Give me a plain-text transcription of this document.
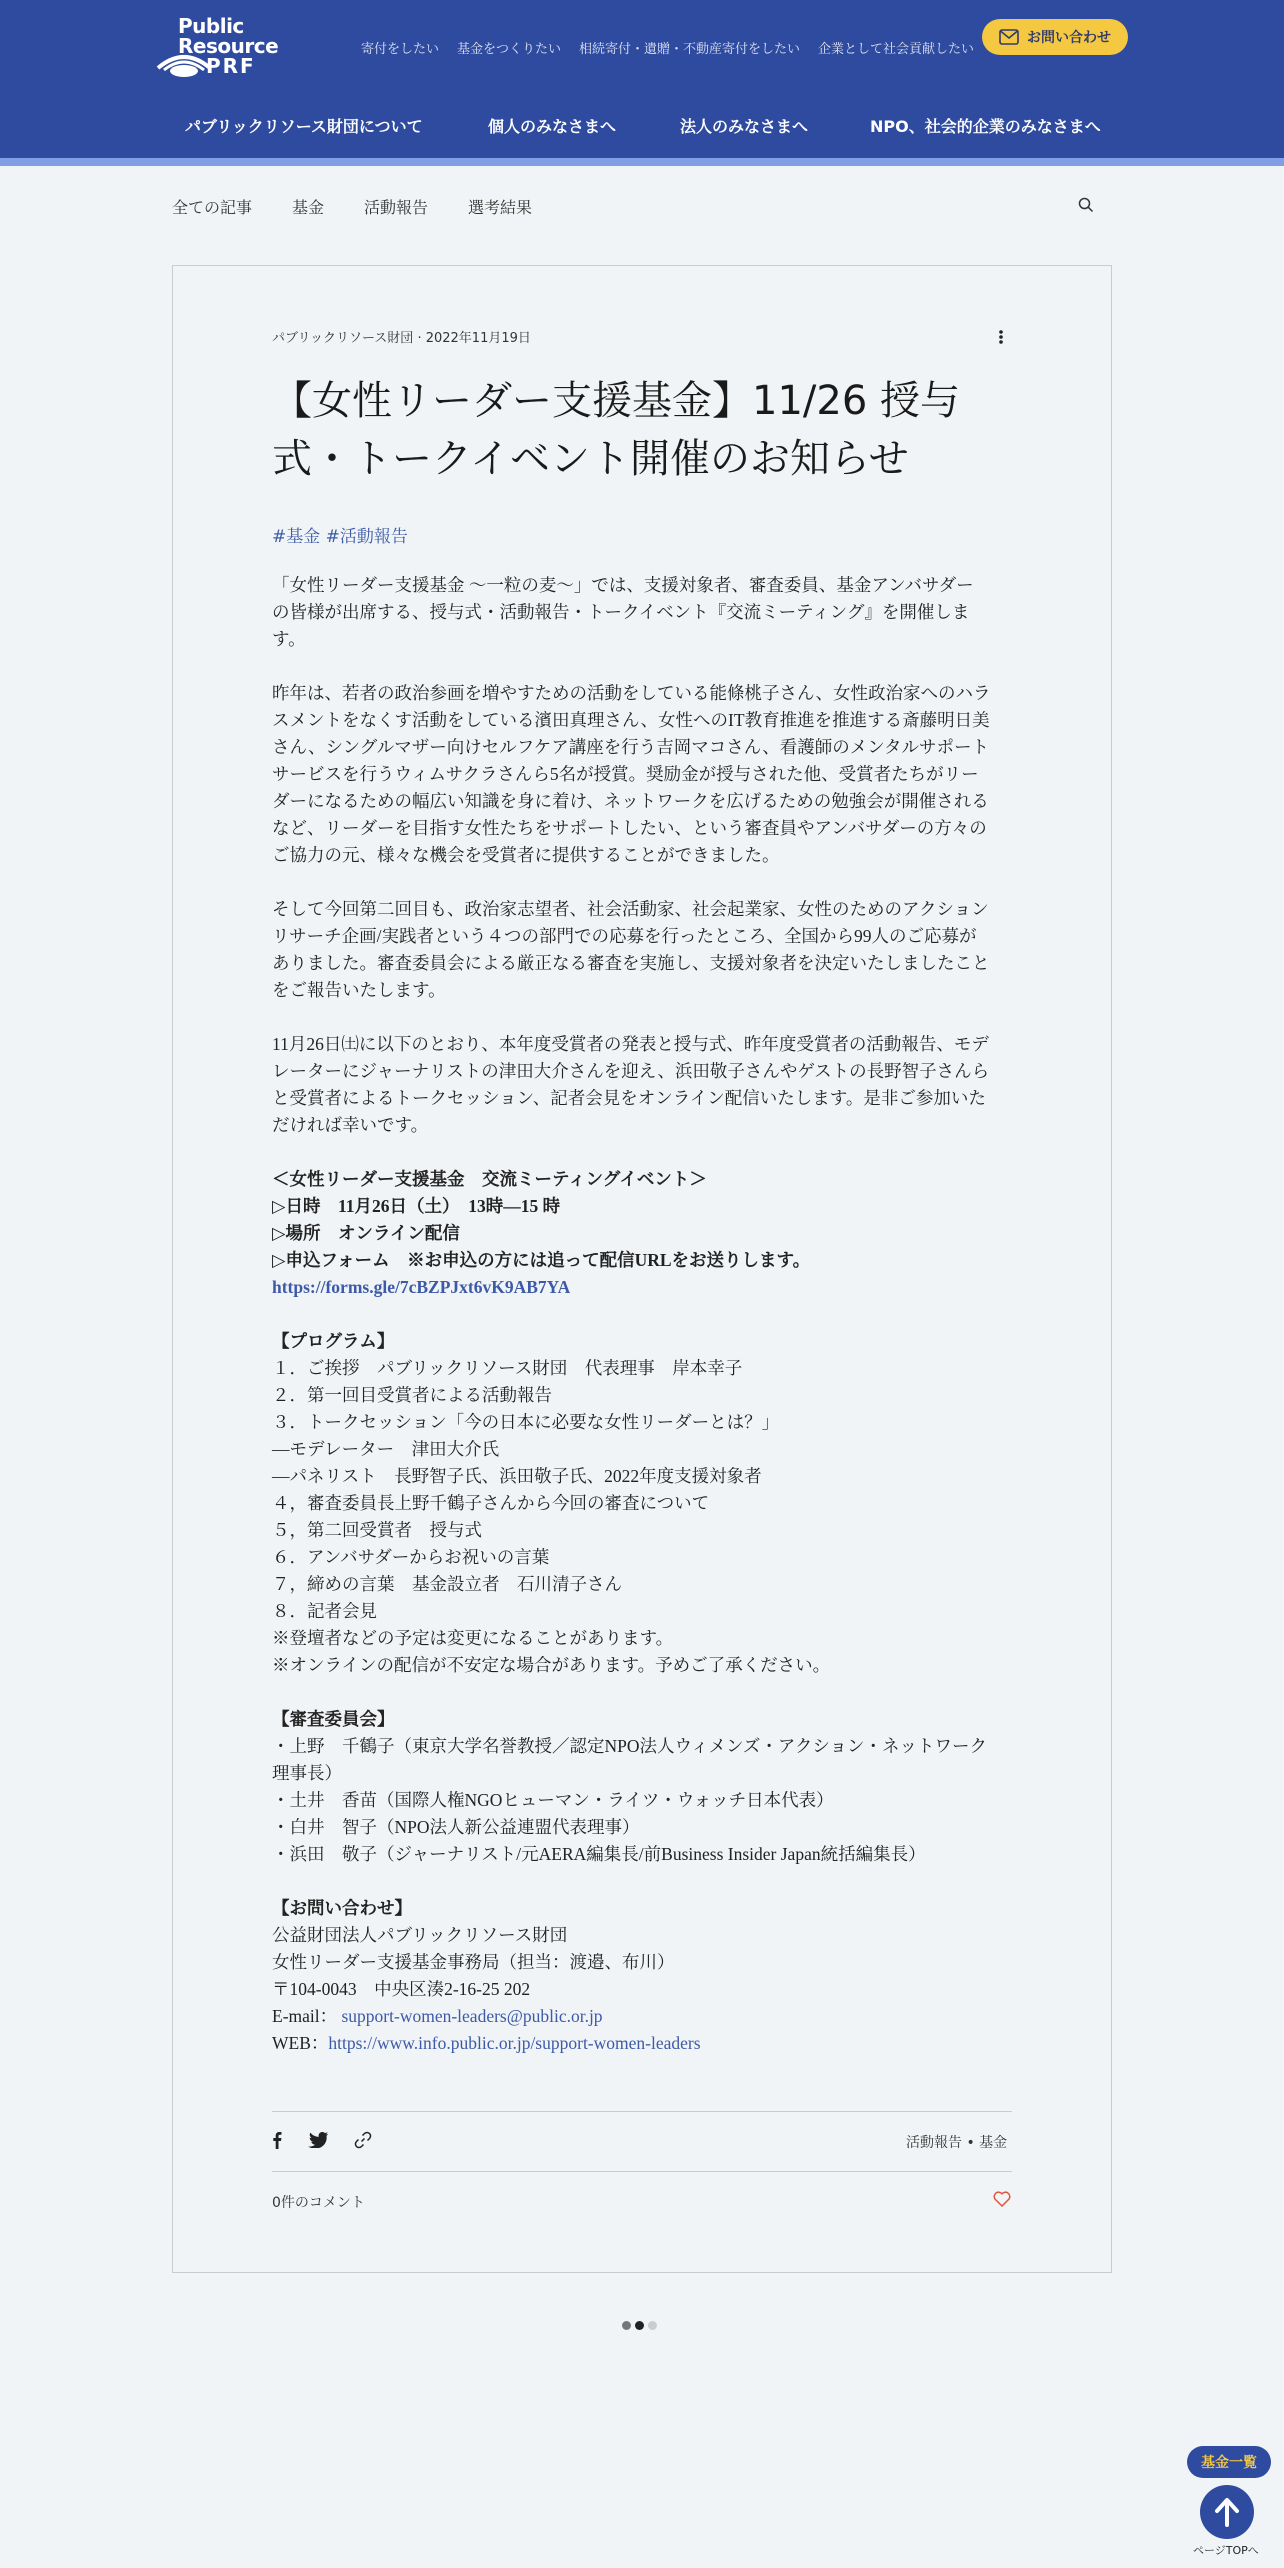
Public
Resource
PRF
寄付をしたい 基金をつくりたい 相続寄付・遺贈・不動産寄付をしたい 企業として社会貢献したい
お問い合わせ
パブリックリソース財団について	個人のみなさまへ	法人のみなさまへ	NPO、社会的企業のみなさまへ
全ての記事	基金	活動報告	選考結果
パブリックリソース財団 · 2022年11月19日
【女性リーダー支援基金】11/26 授与
式・トークイベント開催のお知らせ
#基金 #活動報告

「女性リーダー支援基金 ～一粒の麦～」では、支援対象者、審査委員、基金アンバサダー
の皆様が出席する、授与式・活動報告・トークイベント『交流ミーティング』を開催しま
す。

昨年は、若者の政治参画を増やすための活動をしている能條桃子さん、女性政治家へのハラ
スメントをなくす活動をしている濱田真理さん、女性へのIT教育推進を推進する斎藤明日美
さん、シングルマザー向けセルフケア講座を行う吉岡マコさん、看護師のメンタルサポート
サービスを行うウィムサクラさんら5名が授賞。奨励金が授与された他、受賞者たちがリー
ダーになるための幅広い知識を身に着け、ネットワークを広げるための勉強会が開催される
など、リーダーを目指す女性たちをサポートしたい、という審査員やアンバサダーの方々の
ご協力の元、様々な機会を受賞者に提供することができました。

そして今回第二回目も、政治家志望者、社会活動家、社会起業家、女性のためのアクション
リサーチ企画/実践者という４つの部門での応募を行ったところ、全国から99人のご応募が
ありました。審査委員会による厳正なる審査を実施し、支援対象者を決定いたしましたこと
をご報告いたします。

11月26日㈯に以下のとおり、本年度受賞者の発表と授与式、昨年度受賞者の活動報告、モデ
レーターにジャーナリストの津田大介さんを迎え、浜田敬子さんやゲストの長野智子さんら
と受賞者によるトークセッション、記者会見をオンライン配信いたします。是非ご参加いた
だければ幸いです。

＜女性リーダー支援基金　交流ミーティングイベント＞
▷日時　11月26日（土）　13時―15 時
▷場所　オンライン配信
▷申込フォーム　※お申込の方には追って配信URLをお送りします。
https://forms.gle/7cBZPJxt6vK9AB7YA

【プログラム】
１．ご挨拶　パブリックリソース財団　代表理事　岸本幸子
２．第一回目受賞者による活動報告
３．トークセッション「今の日本に必要な女性リーダーとは？」
―モデレーター　津田大介氏
―パネリスト　長野智子氏、浜田敬子氏、2022年度支援対象者
４，審査委員長上野千鶴子さんから今回の審査について
５，第二回受賞者　授与式
６．アンバサダーからお祝いの言葉
７，締めの言葉　基金設立者　石川清子さん
８．記者会見
※登壇者などの予定は変更になることがあります。
※オンラインの配信が不安定な場合があります。予めご了承ください。

【審査委員会】
・上野　千鶴子（東京大学名誉教授／認定NPO法人ウィメンズ・アクション・ネットワーク
理事長）
・土井　香苗（国際人権NGOヒューマン・ライツ・ウォッチ日本代表）
・白井　智子（NPO法人新公益連盟代表理事）
・浜田　敬子（ジャーナリスト/元AERA編集長/前Business Insider Japan統括編集長）

【お問い合わせ】
公益財団法人パブリックリソース財団
女性リーダー支援基金事務局（担当：渡邉、布川）
〒104-0043　中央区湊2-16-25 202
E-mail： support-women-leaders@public.or.jp
WEB：https://www.info.public.or.jp/support-women-leaders

活動報告 • 基金
0件のコメント
基金一覧
ページTOPへ
